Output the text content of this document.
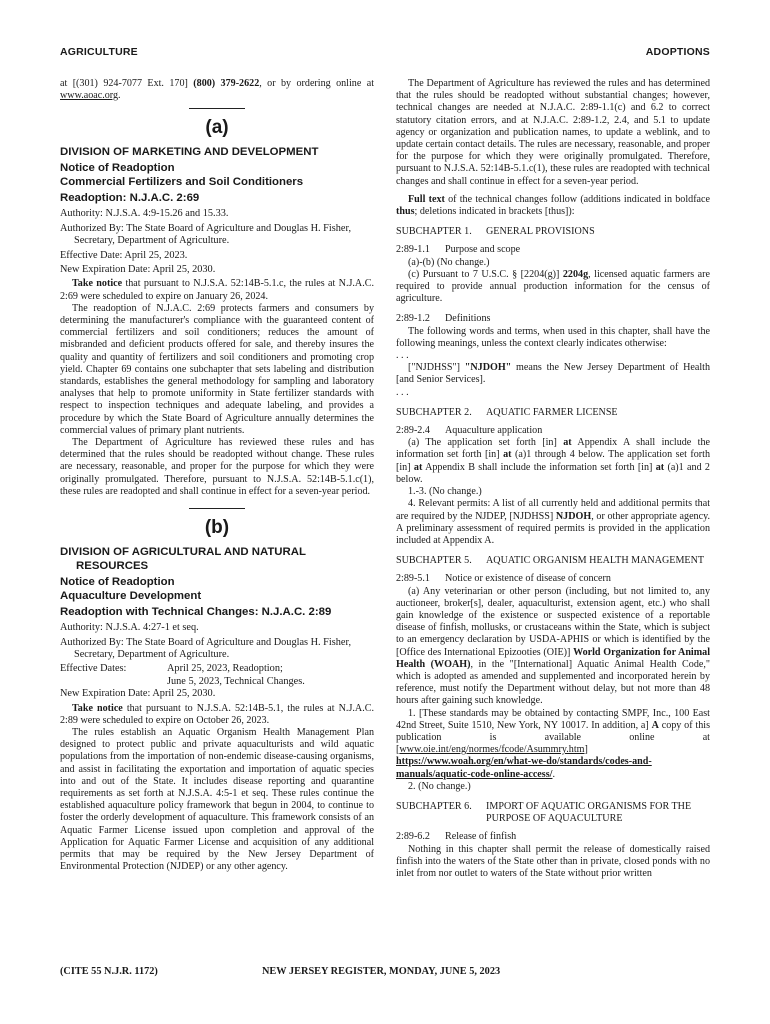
AGRICULTURE	ADOPTIONS

at [(301) 924-7077 Ext. 170] (800) 379-2622, or by ordering online at www.aoac.org.

(a)

DIVISION OF MARKETING AND DEVELOPMENT

Notice of Readoption

Commercial Fertilizers and Soil Conditioners

Readoption: N.J.A.C. 2:69

Authority: N.J.S.A. 4:9-15.26 and 15.33.

Authorized By: The State Board of Agriculture and Douglas H. Fisher, Secretary, Department of Agriculture.

Effective Date: April 25, 2023.

New Expiration Date: April 25, 2030.

Take notice that pursuant to N.J.S.A. 52:14B-5.1.c, the rules at N.J.A.C. 2:69 were scheduled to expire on January 26, 2024.

The readoption of N.J.A.C. 2:69 protects farmers and consumers by determining the manufacturer's compliance with the guaranteed content of commercial fertilizers and soil conditioners; reduces the amount of misbranded and deficient products offered for sale, and thereby insures the quality and quantity of fertilizers and soil conditioners and promoting crop yield. Chapter 69 contains one subchapter that sets labeling and distribution standards, establishes the general methodology for sampling and laboratory analyses that help to promote uniformity in State fertilizer standards with respect to inspection techniques and adequate labeling, and provides a procedure by which the State Board of Agriculture annually determines the commercial values of primary plant nutrients.

The Department of Agriculture has reviewed these rules and has determined that the rules should be readopted without change. These rules are necessary, reasonable, and proper for the purpose for which they were originally promulgated. Therefore, pursuant to N.J.S.A. 52:14B-5.1.c(1), these rules are readopted and shall continue in effect for a seven-year period.

(b)

DIVISION OF AGRICULTURAL AND NATURAL RESOURCES

Notice of Readoption

Aquaculture Development

Readoption with Technical Changes: N.J.A.C. 2:89

Authority: N.J.S.A. 4:27-1 et seq.

Authorized By: The State Board of Agriculture and Douglas H. Fisher, Secretary, Department of Agriculture.

Effective Dates:	April 25, 2023, Readoption;
June 5, 2023, Technical Changes.

New Expiration Date: April 25, 2030.

Take notice that pursuant to N.J.S.A. 52:14B-5.1, the rules at N.J.A.C. 2:89 were scheduled to expire on October 26, 2023.

The rules establish an Aquatic Organism Health Management Plan designed to protect public and private aquaculturists and wild aquatic populations from the importation of non-endemic disease-causing organisms, and assist in facilitating the exportation and importation of aquatic species into and out of the State. It includes disease reporting and quarantine requirements as set forth at N.J.S.A. 4:5-1 et seq. These rules continue the established aquaculture policy framework that begun in 2004, to continue to foster the orderly development of aquaculture. This framework consists of an Aquatic Farmer License issued upon completion and approval of the Application for Aquatic Farmer License and acquisition of any additional permits that may be required by the New Jersey Department of Environmental Protection (NJDEP) or any other agency.

The Department of Agriculture has reviewed the rules and has determined that the rules should be readopted without substantial changes; however, technical changes are needed at N.J.A.C. 2:89-1.1(c) and 6.2 to correct statutory citation errors, and at N.J.A.C. 2:89-1.2, 2.4, and 5.1 to update agency or organization and publication names, to update a weblink, and to update certain contact details. The rules are necessary, reasonable, and proper for the purpose for which they were originally promulgated. Therefore, pursuant to N.J.S.A. 52:14B-5.1.c(1), these rules are readopted with technical changes and shall continue in effect for a seven-year period.

Full text of the technical changes follow (additions indicated in boldface thus; deletions indicated in brackets [thus]):

SUBCHAPTER 1.	GENERAL PROVISIONS
2:89-1.1	Purpose and scope

(a)-(b) (No change.)

(c) Pursuant to 7 U.S.C. § [2204(g)] 2204g, licensed aquatic farmers are required to provide annual production information for the census of agriculture.

2:89-1.2	Definitions

The following words and terms, when used in this chapter, shall have the following meanings, unless the context clearly indicates otherwise:

. . .

["NJDHSS"] "NJDOH" means the New Jersey Department of Health [and Senior Services].

. . .

SUBCHAPTER 2.	AQUATIC FARMER LICENSE
2:89-2.4	Aquaculture application

(a) The application set forth [in] at Appendix A shall include the information set forth [in] at (a)1 through 4 below. The application set forth [in] at Appendix B shall include the information set forth [in] at (a)1 and 2 below.

1.-3. (No change.)

4. Relevant permits: A list of all currently held and additional permits that are required by the NJDEP, [NJDHSS] NJDOH, or other appropriate agency. A preliminary assessment of required permits is provided in the application included at Appendix A.

SUBCHAPTER 5.	AQUATIC ORGANISM HEALTH MANAGEMENT
2:89-5.1	Notice or existence of disease of concern

(a) Any veterinarian or other person (including, but not limited to, any auctioneer, broker[s], dealer, aquaculturist, extension agent, etc.) who shall gain knowledge of the existence or suspected existence of a reportable disease of finfish, mollusks, or crustaceans within the State, which is subject to an emergency declaration by USDA-APHIS or which is identified by the [Office des International Epizooties (OIE)] World Organization for Animal Health (WOAH), in the "[International] Aquatic Animal Health Code," which is adopted as amended and supplemented and incorporated herein by reference, must notify the Department without delay, but not more than 48 hours after gaining such knowledge.

1. [These standards may be obtained by contacting SMPF, Inc., 100 East 42nd Street, Suite 1510, New York, NY 10017. In addition, a] A copy of this publication is available online at [www.oie.int/eng/normes/fcode/Asummry.htm] https://www.woah.org/en/what-we-do/standards/codes-and-manuals/aquatic-code-online-access/.

2. (No change.)

SUBCHAPTER 6.	IMPORT OF AQUATIC ORGANISMS FOR THE PURPOSE OF AQUACULTURE
2:89-6.2	Release of finfish

Nothing in this chapter shall permit the release of domestically raised finfish into the waters of the State other than in private, closed ponds with no inlet from nor outlet to waters of the State without prior written

(CITE 55 N.J.R. 1172)	NEW JERSEY REGISTER, MONDAY, JUNE 5, 2023
